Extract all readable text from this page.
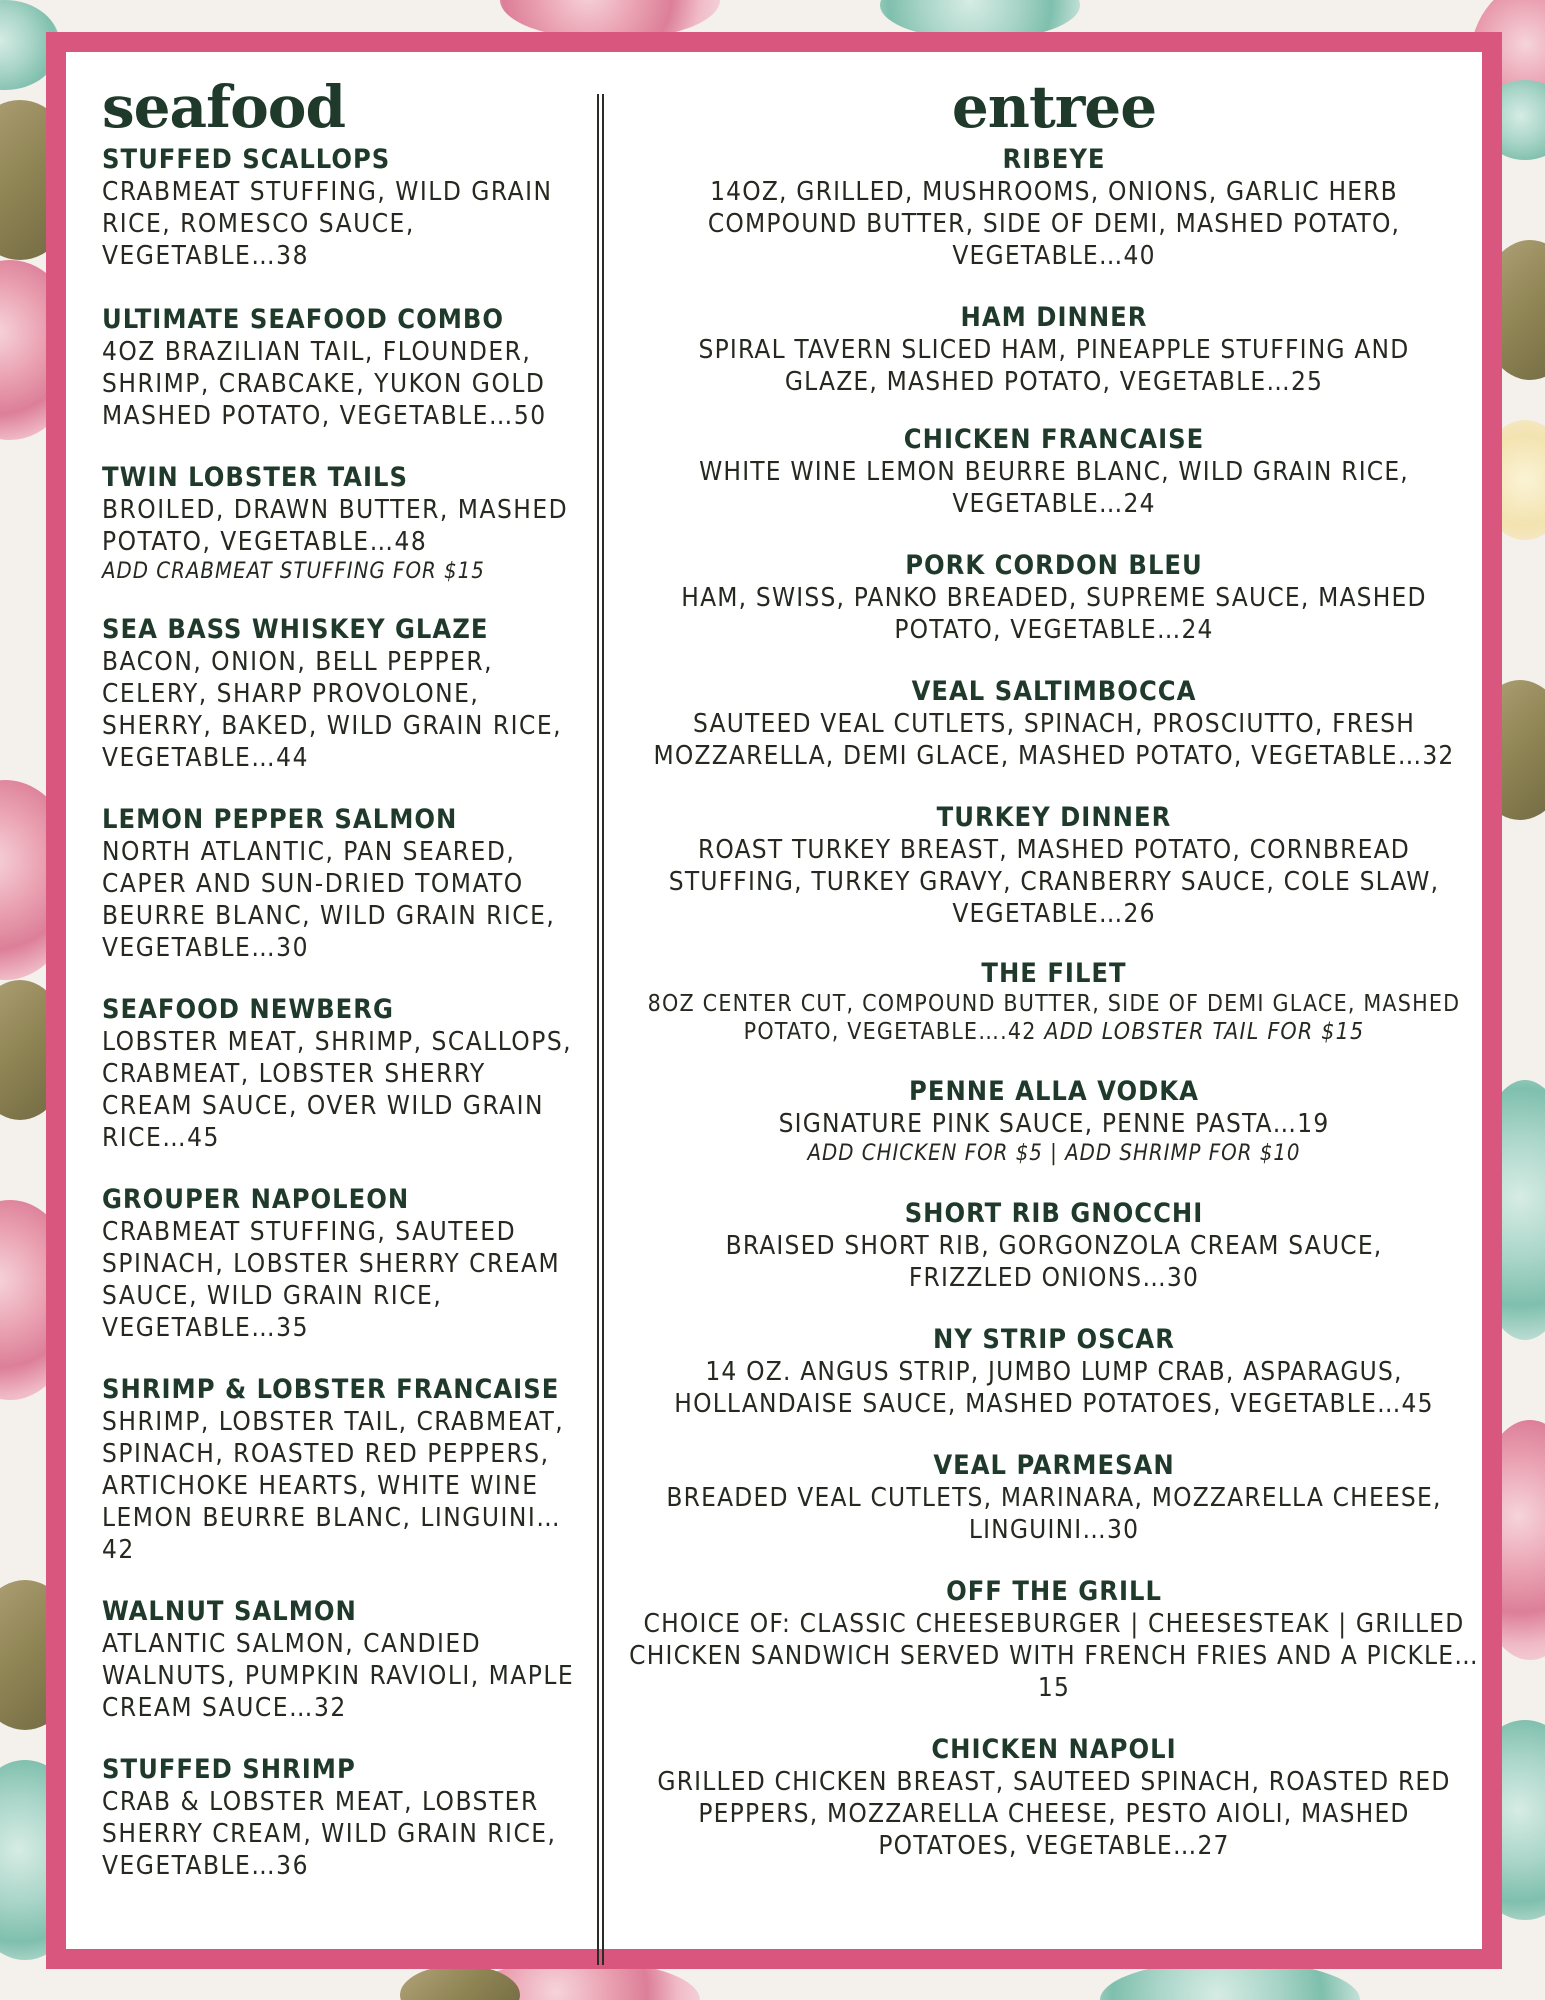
seafood
STUFFED SCALLOPS
CRABMEAT STUFFING, WILD GRAIN RICE, ROMESCO SAUCE, VEGETABLE…38
ULTIMATE SEAFOOD COMBO
4OZ BRAZILIAN TAIL, FLOUNDER, SHRIMP, CRABCAKE, YUKON GOLD MASHED POTATO, VEGETABLE…50
TWIN LOBSTER TAILS
BROILED, DRAWN BUTTER, MASHED POTATO, VEGETABLE…48
ADD CRABMEAT STUFFING FOR $15
SEA BASS WHISKEY GLAZE
BACON, ONION, BELL PEPPER, CELERY, SHARP PROVOLONE, SHERRY, BAKED, WILD GRAIN RICE, VEGETABLE…44
LEMON PEPPER SALMON
NORTH ATLANTIC, PAN SEARED, CAPER AND SUN-DRIED TOMATO BEURRE BLANC, WILD GRAIN RICE, VEGETABLE…30
SEAFOOD NEWBERG
LOBSTER MEAT, SHRIMP, SCALLOPS, CRABMEAT, LOBSTER SHERRY CREAM SAUCE, OVER WILD GRAIN RICE…45
GROUPER NAPOLEON
CRABMEAT STUFFING, SAUTEED SPINACH, LOBSTER SHERRY CREAM SAUCE, WILD GRAIN RICE, VEGETABLE…35
SHRIMP & LOBSTER FRANCAISE
SHRIMP, LOBSTER TAIL, CRABMEAT, SPINACH, ROASTED RED PEPPERS, ARTICHOKE HEARTS, WHITE WINE LEMON BEURRE BLANC, LINGUINI… 42
WALNUT SALMON
ATLANTIC SALMON, CANDIED WALNUTS, PUMPKIN RAVIOLI, MAPLE CREAM SAUCE…32
STUFFED SHRIMP
CRAB & LOBSTER MEAT, LOBSTER SHERRY CREAM, WILD GRAIN RICE, VEGETABLE…36
entree
RIBEYE
14OZ, GRILLED, MUSHROOMS, ONIONS, GARLIC HERB COMPOUND BUTTER, SIDE OF DEMI, MASHED POTATO, VEGETABLE…40
HAM DINNER
SPIRAL TAVERN SLICED HAM, PINEAPPLE STUFFING AND GLAZE, MASHED POTATO, VEGETABLE…25
CHICKEN FRANCAISE
WHITE WINE LEMON BEURRE BLANC, WILD GRAIN RICE, VEGETABLE…24
PORK CORDON BLEU
HAM, SWISS, PANKO BREADED, SUPREME SAUCE, MASHED POTATO, VEGETABLE…24
VEAL SALTIMBOCCA
SAUTEED VEAL CUTLETS, SPINACH, PROSCIUTTO, FRESH MOZZARELLA, DEMI GLACE, MASHED POTATO, VEGETABLE…32
TURKEY DINNER
ROAST TURKEY BREAST, MASHED POTATO, CORNBREAD STUFFING, TURKEY GRAVY, CRANBERRY SAUCE, COLE SLAW, VEGETABLE…26
THE FILET
8OZ CENTER CUT, COMPOUND BUTTER, SIDE OF DEMI GLACE, MASHED POTATO, VEGETABLE….42 ADD LOBSTER TAIL FOR $15
PENNE ALLA VODKA
SIGNATURE PINK SAUCE, PENNE PASTA…19
ADD CHICKEN FOR $5 | ADD SHRIMP FOR $10
SHORT RIB GNOCCHI
BRAISED SHORT RIB, GORGONZOLA CREAM SAUCE, FRIZZLED ONIONS…30
NY STRIP OSCAR
14 OZ. ANGUS STRIP, JUMBO LUMP CRAB, ASPARAGUS, HOLLANDAISE SAUCE, MASHED POTATOES, VEGETABLE…45
VEAL PARMESAN
BREADED VEAL CUTLETS, MARINARA, MOZZARELLA CHEESE, LINGUINI…30
OFF THE GRILL
CHOICE OF: CLASSIC CHEESEBURGER | CHEESESTEAK | GRILLED CHICKEN SANDWICH SERVED WITH FRENCH FRIES AND A PICKLE…15
CHICKEN NAPOLI
GRILLED CHICKEN BREAST, SAUTEED SPINACH, ROASTED RED PEPPERS, MOZZARELLA CHEESE, PESTO AIOLI, MASHED POTATOES, VEGETABLE…27
